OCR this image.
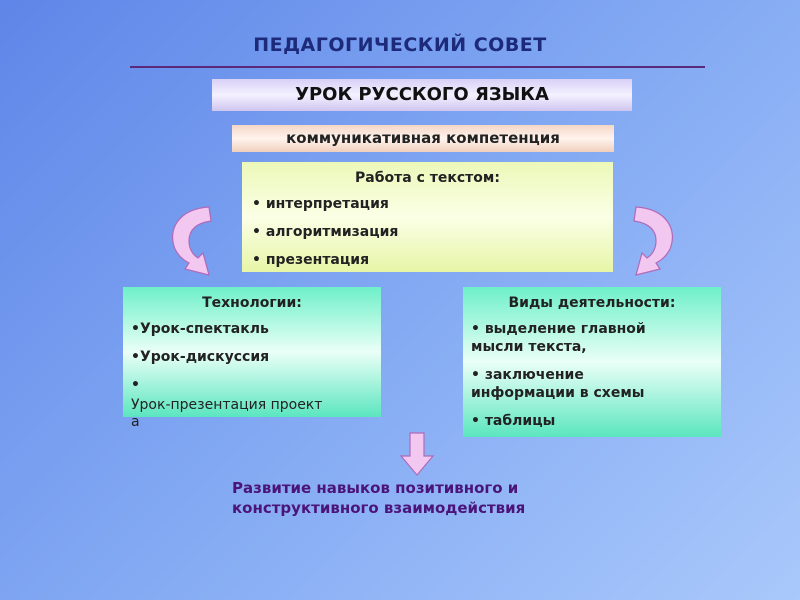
ПЕДАГОГИЧЕСКИЙ СОВЕТ
УРОК РУССКОГО ЯЗЫКА
коммуникативная компетенция
Работа с текстом:
• интерпретация
• алгоритмизация
• презентация
Технологии:
•Урок-спектакль
•Урок-дискуссия
•
Урок-презентация проект
а
Виды деятельности:
• выделение главной
мысли текста,
• заключение
информации в схемы
• таблицы
Развитие навыков позитивного и
конструктивного взаимодействия
